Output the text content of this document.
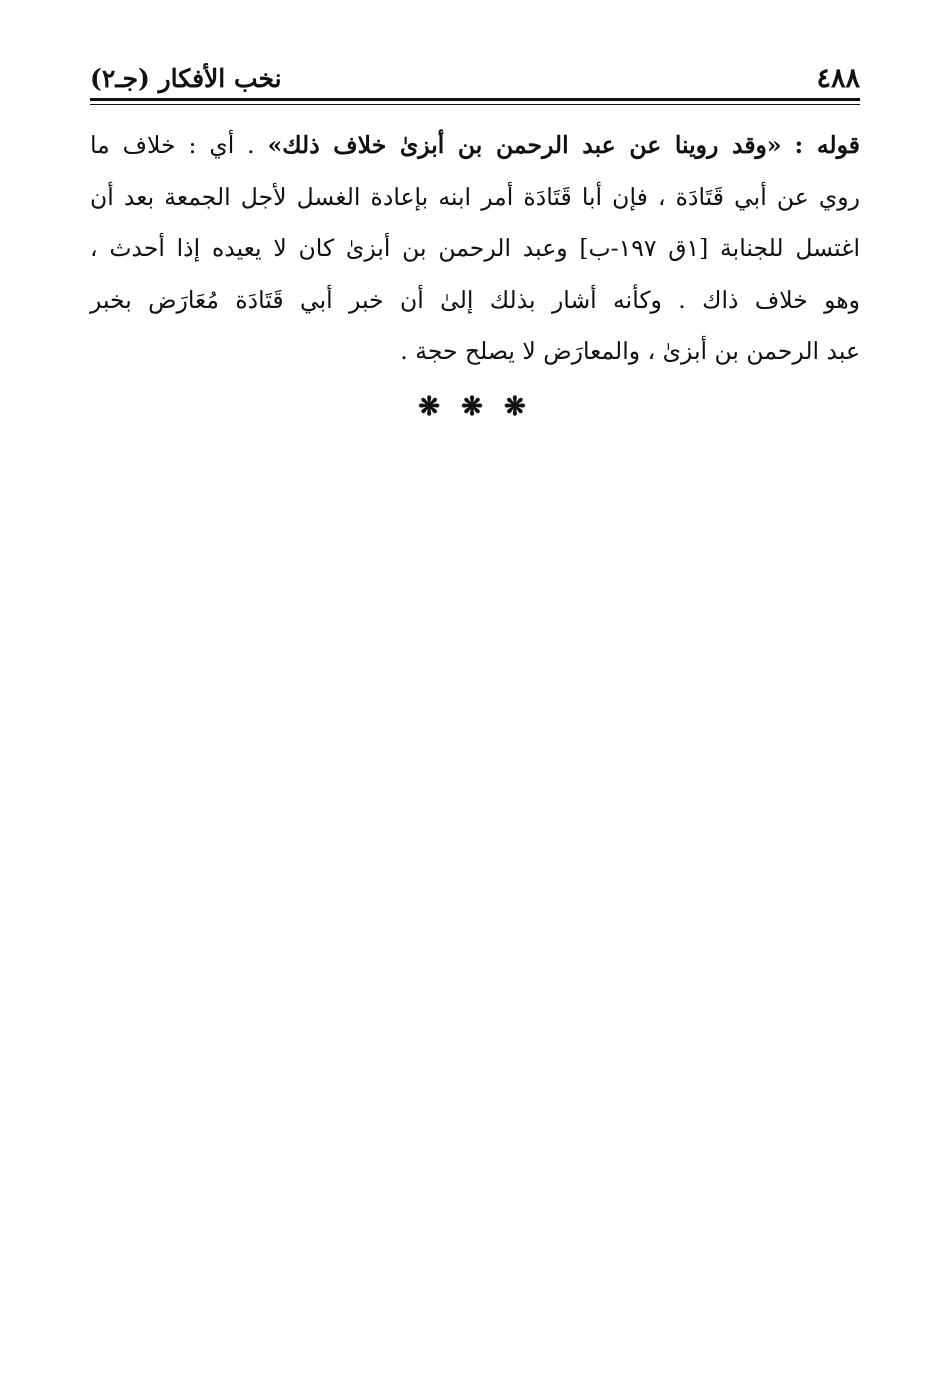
٤٨٨
نخب الأفكار (جـ٢)
قوله : «وقد روينا عن عبد الرحمن بن أبزىٰ خلاف ذلك» . أي : خلاف ما
روي عن أبي قَتَادَة ، فإن أبا قَتَادَة أمر ابنه بإعادة الغسل لأجل الجمعة بعد أن
اغتسل للجنابة [١ق ١٩٧-ب] وعبد الرحمن بن أبزىٰ كان لا يعيده إذا أحدث ،
وهو خلاف ذاك . وكأنه أشار بذلك إلىٰ أن خبر أبي قَتَادَة مُعَارَض بخبر
عبد الرحمن بن أبزىٰ ، والمعارَض لا يصلح حجة .
❋ ❋ ❋
